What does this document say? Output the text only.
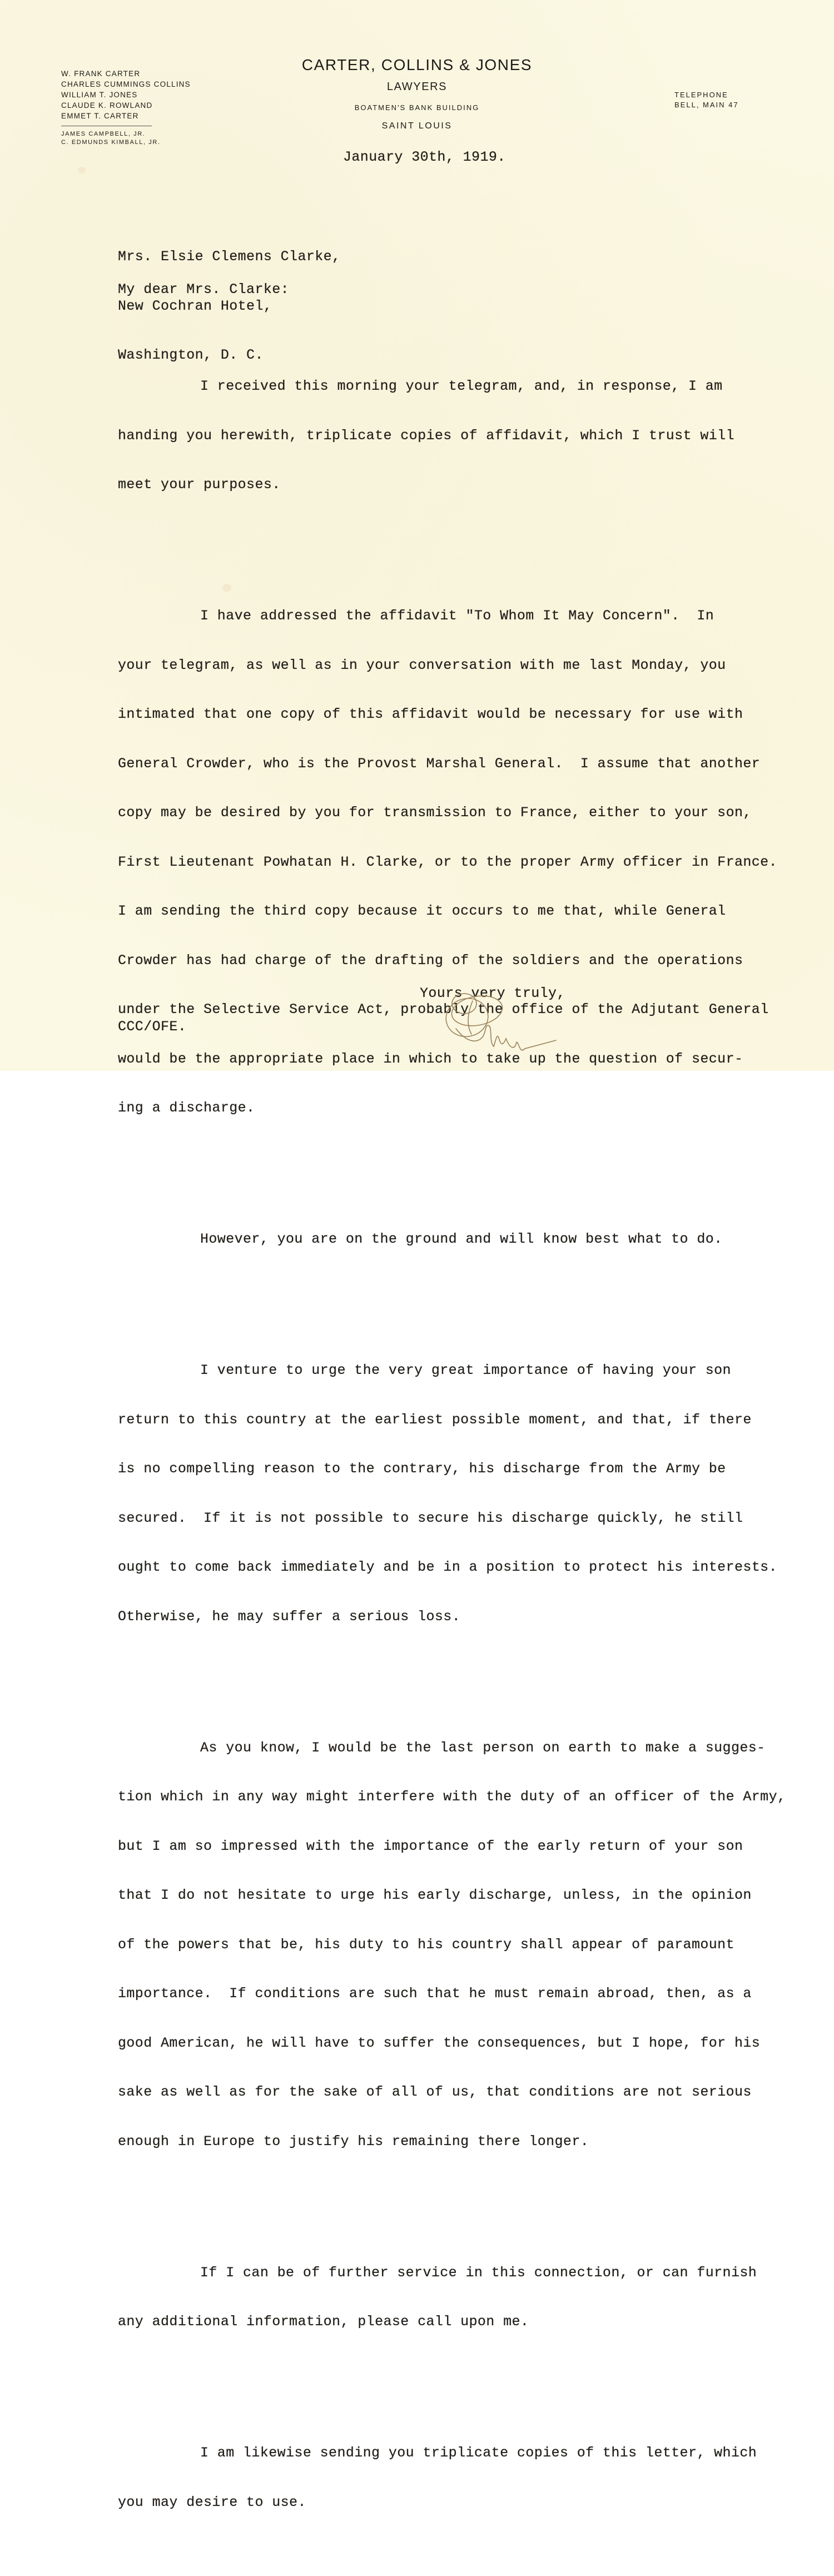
W. FRANK CARTER
CHARLES CUMMINGS COLLINS
WILLIAM T. JONES
CLAUDE K. ROWLAND
EMMET T. CARTER
JAMES CAMPBELL, JR.
C. EDMUNDS KIMBALL, JR.
CARTER, COLLINS & JONES
LAWYERS
BOATMEN'S BANK BUILDING
SAINT LOUIS
TELEPHONE
BELL, MAIN 47
January 30th, 1919.

Mrs. Elsie Clemens Clarke,

New Cochran Hotel,

Washington, D. C.

My dear Mrs. Clarke:

I received this morning your telegram, and, in response, I am

handing you herewith, triplicate copies of affidavit, which I trust will

meet your purposes.

I have addressed the affidavit "To Whom It May Concern".  In

your telegram, as well as in your conversation with me last Monday, you

intimated that one copy of this affidavit would be necessary for use with

General Crowder, who is the Provost Marshal General.  I assume that another

copy may be desired by you for transmission to France, either to your son,

First Lieutenant Powhatan H. Clarke, or to the proper Army officer in France.

I am sending the third copy because it occurs to me that, while General

Crowder has had charge of the drafting of the soldiers and the operations

under the Selective Service Act, probably the office of the Adjutant General

would be the appropriate place in which to take up the question of secur-

ing a discharge.

However, you are on the ground and will know best what to do.

I venture to urge the very great importance of having your son

return to this country at the earliest possible moment, and that, if there

is no compelling reason to the contrary, his discharge from the Army be

secured.  If it is not possible to secure his discharge quickly, he still

ought to come back immediately and be in a position to protect his interests.

Otherwise, he may suffer a serious loss.

As you know, I would be the last person on earth to make a sugges-

tion which in any way might interfere with the duty of an officer of the Army,

but I am so impressed with the importance of the early return of your son

that I do not hesitate to urge his early discharge, unless, in the opinion

of the powers that be, his duty to his country shall appear of paramount

importance.  If conditions are such that he must remain abroad, then, as a

good American, he will have to suffer the consequences, but I hope, for his

sake as well as for the sake of all of us, that conditions are not serious

enough in Europe to justify his remaining there longer.

If I can be of further service in this connection, or can furnish

any additional information, please call upon me.

I am likewise sending you triplicate copies of this letter, which

you may desire to use.

Yours very truly,
CCC/OFE.
